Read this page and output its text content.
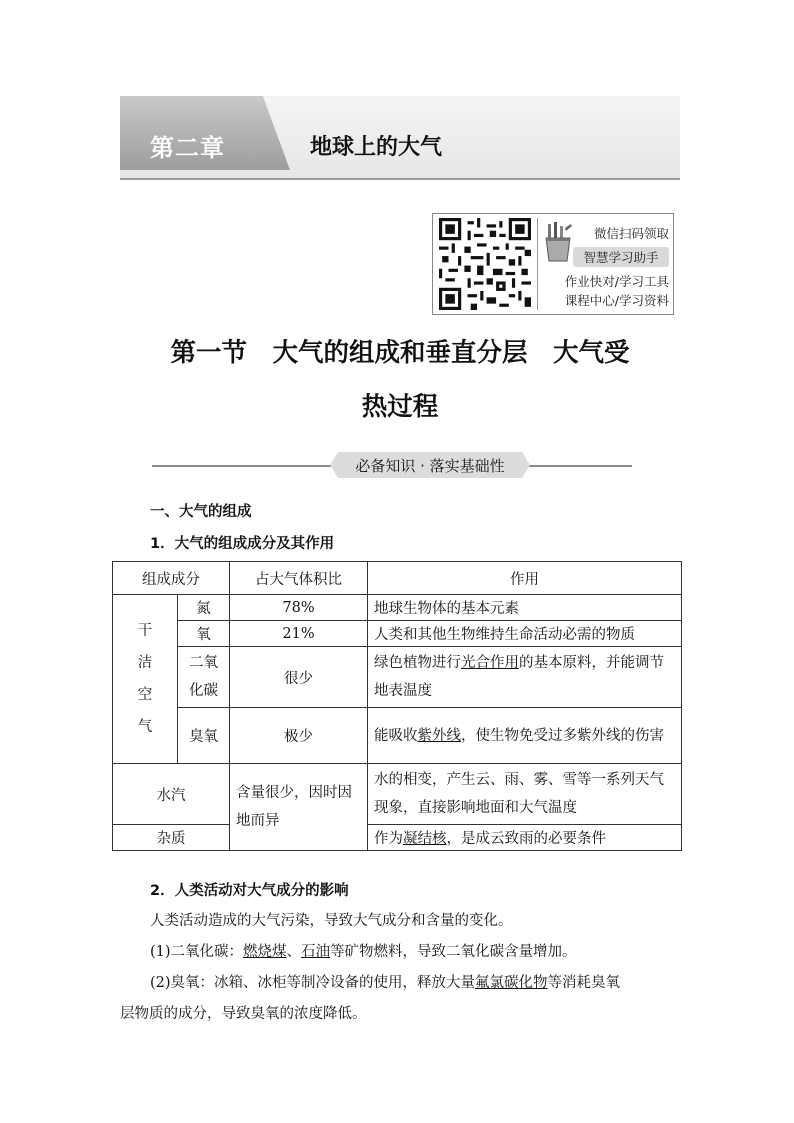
第二章	地球上的大气
微信扫码领取
智慧学习助手
作业快对/学习工具
课程中心/学习资料
第一节　大气的组成和垂直分层　大气受
热过程
必备知识 · 落实基础性
一、大气的组成
1．大气的组成成分及其作用
组成成分		占大气体积比	作用
干
洁
空
气	氮	78%	地球生物体的基本元素
	氧	21%	人类和其他生物维持生命活动必需的物质
	二氧
化碳	很少	绿色植物进行光合作用的基本原料，并能调节地表温度
	臭氧	极少	能吸收紫外线，使生物免受过多紫外线的伤害
水汽		含量很少，因时因地而异	水的相变，产生云、雨、雾、雪等一系列天气现象，直接影响地面和大气温度
杂质			作为凝结核，是成云致雨的必要条件
2．人类活动对大气成分的影响
人类活动造成的大气污染，导致大气成分和含量的变化。
(1)二氧化碳：燃烧煤、石油等矿物燃料，导致二氧化碳含量增加。
(2)臭氧：冰箱、冰柜等制冷设备的使用，释放大量氟氯碳化物等消耗臭氧
层物质的成分，导致臭氧的浓度降低。
